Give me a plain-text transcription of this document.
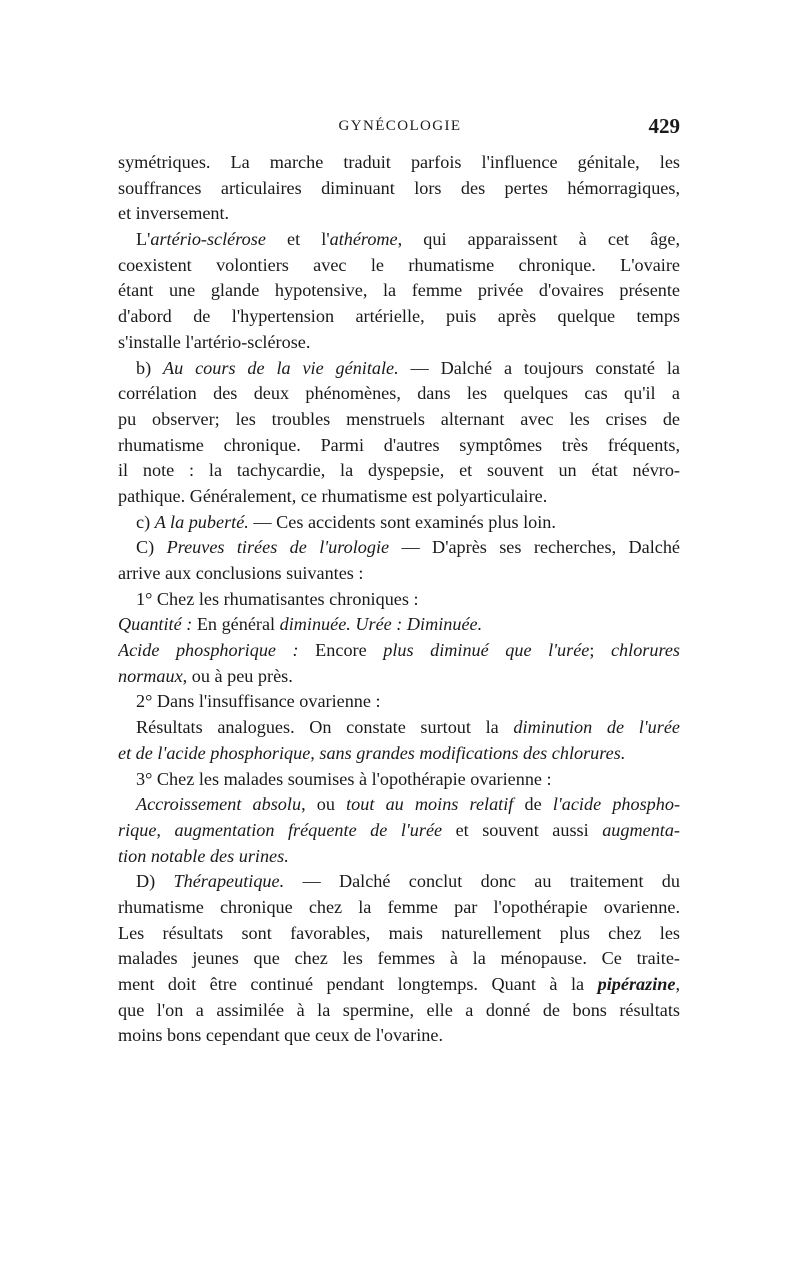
GYNÉCOLOGIE	429
symétriques. La marche traduit parfois l'influence génitale, les
souffrances articulaires diminuant lors des pertes hémorragiques,
et inversement.
L'artério-sclérose et l'athérome, qui apparaissent à cet âge,
coexistent volontiers avec le rhumatisme chronique. L'ovaire
étant une glande hypotensive, la femme privée d'ovaires présente
d'abord de l'hypertension artérielle, puis après quelque temps
s'installe l'artério-sclérose.
b) Au cours de la vie génitale. — Dalché a toujours constaté la
corrélation des deux phénomènes, dans les quelques cas qu'il a
pu observer; les troubles menstruels alternant avec les crises de
rhumatisme chronique. Parmi d'autres symptômes très fréquents,
il note : la tachycardie, la dyspepsie, et souvent un état névro-
pathique. Généralement, ce rhumatisme est polyarticulaire.
c) A la puberté. — Ces accidents sont examinés plus loin.
C) Preuves tirées de l'urologie — D'après ses recherches, Dalché
arrive aux conclusions suivantes :
1° Chez les rhumatisantes chroniques :
Quantité : En général diminuée. Urée : Diminuée.
Acide phosphorique : Encore plus diminué que l'urée; chlorures
normaux, ou à peu près.
2° Dans l'insuffisance ovarienne :
Résultats analogues. On constate surtout la diminution de l'urée
et de l'acide phosphorique, sans grandes modifications des chlorures.
3° Chez les malades soumises à l'opothérapie ovarienne :
Accroissement absolu, ou tout au moins relatif de l'acide phospho-
rique, augmentation fréquente de l'urée et souvent aussi augmenta-
tion notable des urines.
D) Thérapeutique. — Dalché conclut donc au traitement du
rhumatisme chronique chez la femme par l'opothérapie ovarienne.
Les résultats sont favorables, mais naturellement plus chez les
malades jeunes que chez les femmes à la ménopause. Ce traite-
ment doit être continué pendant longtemps. Quant à la pipérazine,
que l'on a assimilée à la spermine, elle a donné de bons résultats
moins bons cependant que ceux de l'ovarine.
